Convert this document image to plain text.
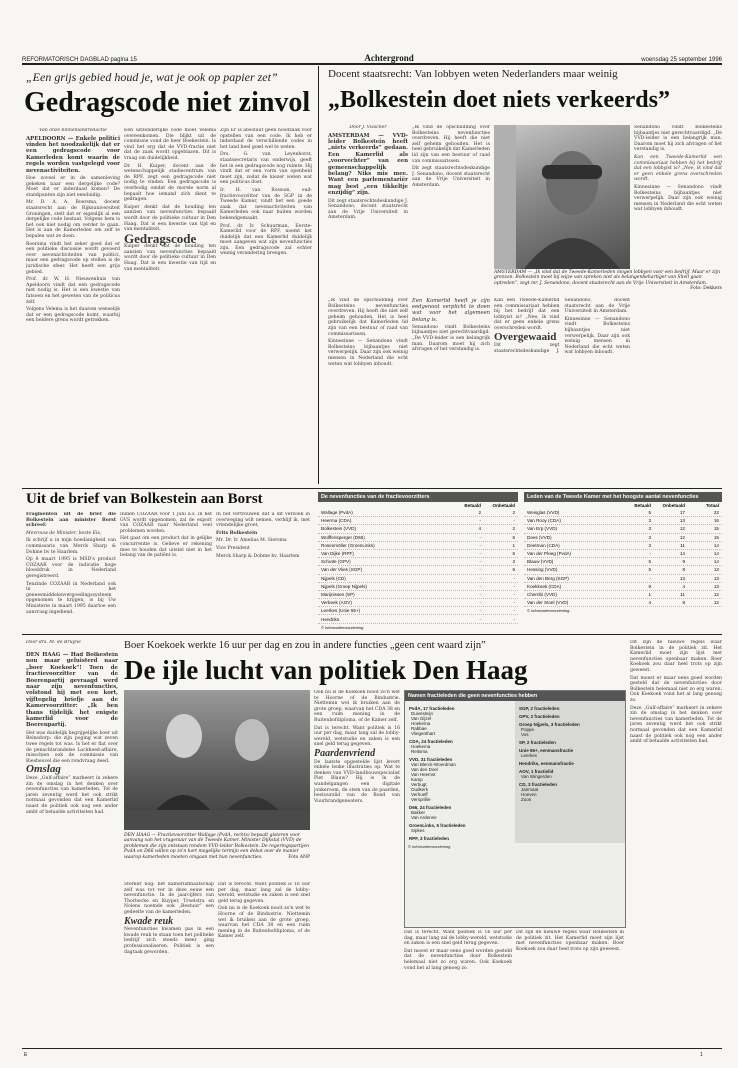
REFORMATORISCH DAGBLAD pagina 15	Achtergrond	woensdag 25 september 1996
„Een grijs gebied houd je, wat je ook op papier zet”
Gedragscode niet zinvol

Van onze binnenlandredactie

APELDOORN — Enkele politici vinden het noodzakelijk dat er een gedragscode voor Kamerleden komt waarin de regels worden vastgelegd voor nevenactiviteiten.

Hoe zoveel er in de samenleving gekeken naar een dergelijke code? Moet dat er inderdaad komen? De standpunten zijn niet eenduidig.

Mr. D. A. A. Boersma, docent staatsrecht aan de Rijksuniversiteit Groningen, stelt dat er eigenlijk al een dergelijke code bestaat. Volgens hem is het ook niet nodig om verder te gaan. Het is aan de Kamerleden om zelf te bepalen wat ze doen.

Boersma vindt het zeker goed dat er een politieke discussie wordt gevoerd over nevenactiviteiten van politici, maar een gedragscode op stellen is de juridische sfeer. Het heeft een grijs gebied.

Prof. dr. W. H. Nieuwenhuis van Apeldoorn vindt dat een gedragscode niet nodig is. Het is een kwestie van fatsoen en het geweten van de politicus zelf.

Volgens Velema is het daarom wenselijk dat er een gedragscode komt, waarbij een heldere grens wordt getrokken.

Een uitzonderlijke code moet Velema overeenkomen. Die blijkt uit de commissie vond de heer Boekestein. Is vind het erg dat de VVD-fractie niet dat de zaak wordt opgeblazen. Dit is vraag om duidelijkheid.

Dr. H. Kuiper, docent aan de wetenschappelijk studiecentrum van de RPF, zegt een gedragscode niet nodig te vinden. Een gedragscode is overbodig omdat de morele norm al bepaalt hoe iemand zich dient te gedragen.

Kuiper denkt dat de houding ten aanzien van nevenfuncties bepaald wordt door de politieke cultuur in Den Haag. Dat is een kwestie van tijd en van mentaliteit.

Gedragscode

Kuiper denkt dat de houding ten aanzien van nevenfuncties bepaald wordt door de politieke cultuur in Den Haag. Dat is een kwestie van tijd en van mentaliteit.

Zijn Er is absoluut geen noodzaak voor opstellen van een code. Ik heb er inderdaad de verschillende codes in het land heel goed wel te weten.

Drs. G. van Leyenhorst, staatssecretaris van onderwijs, geeft het in een gedragscode nog ruimte. Hij vindt dat er een vorm van openheid moet zijn, zodat de kiezer weten wat een politicus doet.

Ir. H. van Rossum, oud-fractievoorzitter van de SGP in de Tweede Kamer, vindt het een goede zaak dat nevenactiviteiten van Kamerleden ook naar buiten worden bekendgemaakt.

Prof. dr. Ir. Schuurman, Eerste-Kamerlid voor de RPF, noemt het duidelijk dat een Kamerlid duidelijk moet aangeven wat zijn nevenfuncties zijn. Een gedragscode zal echter weinig verandering brengen.

Docent staatsrecht: Van lobbyen weten Nederlanders maar weinig
„Bolkestein doet niets verkeerds”

Door J. Visscher

AMSTERDAM — VVD-leider Bolkestein heeft „niets verkeerds” gedaan. Een Kamerlid als „voorvechter” van een gemeenschappelijk belang? Niks mis mee. Want een parlementariër mag best „een tikkeltje enzijdig” zijn.

Dit zegt staatsrechtsdeskundige J. Senandono, docent staatsrecht aan de Vrije Universiteit in Amsterdam.

„Ik vind de opschudding over Bolkesteins nevenfuncties overdreven. Hij heeft die niet zelf geheim gehouden. Het is heel gebruikelijk dat Kamerleden lid zijn van een bestuur of raad van commissarissen.

Dit zegt staatsrechtsdeskundige J. Senandono, docent staatsrecht aan de Vrije Universiteit in Amsterdam.

AMSTERDAM — „Ik vind dat de Tweede-Kamerleden mogen lobbyen voor een bedrijf. Maar er zijn grenzen. Bolkestein moet bij wijze van spreken niet als belangenbehartiger van Shell gaan optreden”, zegt mr. J. Senandono, docent staatsrecht aan de Vrije Universiteit in Amsterdam.
Foto: Dekkers

Senandono vindt Bolkesteins bijbaantjes niet gerechtvaardigd. „De VVD-leider is een belangrijk man. Daarom moet hij zich afvragen of het verstandig is.

Kan een Tweede-Kamerlid een commissariaat hebben bij het bedrijf dat een lobbyist is? „Nee, ik vind dat er geen enkele grens overschreden wordt.

Kinnesinne — Senandono vindt Bolkesteins bijbaantjes niet verwerpelijk. Daar zijn ook weinig mensen in Nederland die echt weten wat lobbyen inhoudt.

„Ik vind de opschudding over Bolkesteins nevenfuncties overdreven. Hij heeft die niet zelf geheim gehouden. Het is heel gebruikelijk dat Kamerleden lid zijn van een bestuur of raad van commissarissen.

Kinnesinne — Senandono vindt Bolkesteins bijbaantjes niet verwerpelijk. Daar zijn ook weinig mensen in Nederland die echt weten wat lobbyen inhoudt.

Een Kamerlid heeft je zijn eedgenoot verplicht te doen wat voor het algemeen belang is.

Senandono vindt Bolkesteins bijbaantjes niet gerechtvaardigd. „De VVD-leider is een belangrijk man. Daarom moet hij zich afvragen of het verstandig is.

Kan een Tweede-Kamerlid een commissariaat hebben bij het bedrijf dat een lobbyist is? „Nee, ik vind dat er geen enkele grens overschreden wordt.

Overgewaaid

Dit zegt staatsrechtsdeskundige J. Senandono, docent staatsrecht aan de Vrije Universiteit in Amsterdam.

Kinnesinne — Senandono vindt Bolkesteins bijbaantjes niet verwerpelijk. Daar zijn ook weinig mensen in Nederland die echt weten wat lobbyen inhoudt.

Uit de brief van Bolkestein aan Borst

Fragmenten uit de brief die Bolkestein aan minister Borst schreef:

Mevrouw de Minister, beste Els,

Ik schrijf u in mijn hoedanigheid van commissaris van Merck Sharp & Dohme bv te Haarlem.

Op 8 maart 1995 is MSD's product COZAAR voor de indicatie hoge bloeddruk in Nederland geregistreerd.

Tenzinde COZAAR in Nederland ook in het geneesmiddelenvergoedingssysteem opgenomen te krijgen, is bij Uw Ministerie in maart 1995 daartoe een aanvraag ingediend.

Indien COZAAR voor 1 juni a.s. in het GVS wordt opgenomen, zal de export van COZAAR naar Nederland veel problemen worden.

Het gaat om een product dat in gelijke concurrentie is. Gelieve er rekening mee te houden dat uitstel niet in het belang van de patiënt is.

In het vertrouwen dat u dit verzoek in overweging wilt nemen, verblijf ik, met vriendelijke groet,

Frits Bolkestein

Mr. Dr. Ir. Amelius M. Siersma

Vice President

Merck Sharp & Dohme bv, Haarlem

De nevenfuncties van de fractievoorzitters
Betaald	Onbetaald
Wallage (PvdA)	2	2
Heerma (CDA)	-	-
Bolkestein (VVD)	4	2
Wolffensperger (D66)	-	5
Rosenmöller (GroenLinks)	-	1
Van Dijke (RPF)	-	5
Schutte (GPV)	-	3
Van der Vlies (SGP)	-	5
Nijpels (CD)	-	-
Nijpels (Groep Nijpels)	-	-
Marijnissen (SP)	-	-
Verbeek (AOV)	-	-
Leerkes (Unie 55+)	-	-
Hendriks	-	-
© Informatievoorziening
Leden van de Tweede Kamer met het hoogste aantal nevenfuncties
Betaald	Onbetaald	Totaal
Weisglas (VVD)	5	17	22
Van Rooy (CDA)	3	13	16
Van Erp (VVD)	3	12	15
Dees (VVD)	3	12	15
Deetman (CDA)	3	11	14
Van der Ploeg (PvdA)	-	14	14
Blauw (VVD)	5	9	14
Hessing (VVD)	5	8	13
Van den Berg (SGP)	-	13	13
Koekkoek (CDA)	9	4	13
Cherribi (VVD)	1	11	12
Van der Stoel (VVD)	4	8	12
© Informatievoorziening
Door drs. M. de Bruyne	Boer Koekoek werkte 16 uur per dag en zou in andere functies „geen cent waard zijn”
De ijle lucht van politiek Den Haag

DEN HAAG — Had Bolkestein nou maar geluisterd naar „boer Koekoek”! Toen de fractievoorzitter van de Boerenpartij gevraagd werd naar zijn nevenfuncties, volstond hij met een kort, vijftegelig briefje aan de Kamervoorzitter: „Ik ben thans tijdelijk het enigste kamerlid voor de Boerenpartij.

Het was duidelijk begrijpelijke boer uit Beinsdorp: die zijn poging wat zeven twee regels tot was. Is het er flat over de penachtsrandelse Lockheed-affaire, misschien ook de commissie van Biesheuvel die een rondvraag deed.

Omslag

Deze „Gulf-affaire” markeert in zekere zin de omslag in het denken over nevenfuncties van kamerleden. Tot de jaren zeventig werd het ook strikt normaal gevonden dat een Kamerlid naast de politiek ook nog een ander ambt of betaalde activiteiten had.

DEN HAAG — Fractievoorzitter Wallage (PvdA, rechts) bepaalt gisteren voor aanvang van het vragenuur van de Tweede Kamer. Minister Dijkstal (VVD) de problemen die zijn ontstaan rondom VVD-leider Bolkestein. De regeringspartijen PvdA en D66 willen op zo'n kort mogelijke termijn een debat over de manier waarop kamerleden moeten omgaan met hun nevenfuncties.	Foto ANP

Sterker nog: het kamerlidmaatschap zelf was tot ver in deze eeuw een nevenfunctie. In de jaarcijfers van Thorbecke en Kuyper, Troelstra en Nolens noemde ook „Bestuur” een gedeelte van de kamerleden.

Kwade reuk

Nevenfuncties kwamen pas in een kwade reuk te staan toen het politieke bedrijf zich steeds meer ging professionaliseren. Politiek is een dagtaak geworden.

Dat is terecht. Want politiek is 16 uur per dag, maar lang zal de lobby-wereld, wetstudie en zaken is een snel geld terug gegeven.

Ook nu is de Koekoek nooit zo'n wet te Hoorne of de Bindustrie. Niettemin wel ik bruiken aan de grote groep, waarvan het CDA 38 en een ruim mening in de Buitenhofdiploma, of de Kamer zelf.

Ook nu is de Koekoek nooit zo'n wet te Hoorne of de Bindustrie. Niettemin wel ik bruiken aan de grote groep, waarvan het CDA 38 en een ruim mening in de Buitenhofdiploma, of de Kamer zelf.

Dat is terecht. Want politiek is 16 uur per dag, maar lang zal de lobby-wereld, wetstudie en zaken is een snel geld terug gegeven.

Paardenvriend

De laatste opgestelde lijst levert enkele leuke illustraties op. Wat te denken van VVD-landbouwspecialist Piet Blauw? Hij is ïn de wandelgangen een digitale jonkeroom, de stem van de paarden, bestuurslid van de Bond van Vuurbrandgeneaters.

Namen fractieleden die geen nevenfuncties hebben
PvdA, 17 fractieleden
Duivesteijn
Van Gijzel
Hoekema
Rabbae
Vliegenthart
CDA, 24 fractieleden
Hoekema
Reitsma
VVD, 31 fractieleden
Van Blerck-Woerdman
Van den Doel
Van Heemst
Kamp
Verbugt
Oudkerk
Verhoeff
Versprillie
D66, 24 fractieleden
Bakker
Van Ardenne
GroenLinks, 5 fractieleden
Sipkes
RPF, 3 fractieleden
SGP, 2 fractieleden
GPV, 2 fractieleden
Groep Nijpels, 3 fractieleden
Poppe
Vos
SP, 2 fractieleden
Unie 55+, eenmansfractie
Leerkes
Hendriks, eenmansfractie
AOV, 1 fractielid
Van Wingerden
CD, 3 fractieleden
Janmaat
Hoeven
Zoon
© Informatievoorziening

Dat is terecht. Want politiek is 16 uur per dag, maar lang zal de lobby-wereld, wetstudie en zaken is een snel geld terug gegeven.

Dat moest er maar eens goed worden gesteld dat de nevenfuncties door Bolkestein helemaal niet zo erg waren. Ook Koekoek vond het al lang genoeg zo.

Dit zijn de nieuwe regels waar Bolkestein in de politiek zit. Het Kamerlid moet zijn lijst met nevenfuncties openbaar maken. Boer Koekoek zou daar heel trots op zijn geweest.

Dit zijn de nieuwe regels waar Bolkestein in de politiek zit. Het Kamerlid moet zijn lijst met nevenfuncties openbaar maken. Boer Koekoek zou daar heel trots op zijn geweest.

Dat moest er maar eens goed worden gesteld dat de nevenfuncties door Bolkestein helemaal niet zo erg waren. Ook Koekoek vond het al lang genoeg zo.

Deze „Gulf-affaire” markeert in zekere zin de omslag in het denken over nevenfuncties van kamerleden. Tot de jaren zeventig werd het ook strikt normaal gevonden dat een Kamerlid naast de politiek ook nog een ander ambt of betaalde activiteiten had.

E	1
